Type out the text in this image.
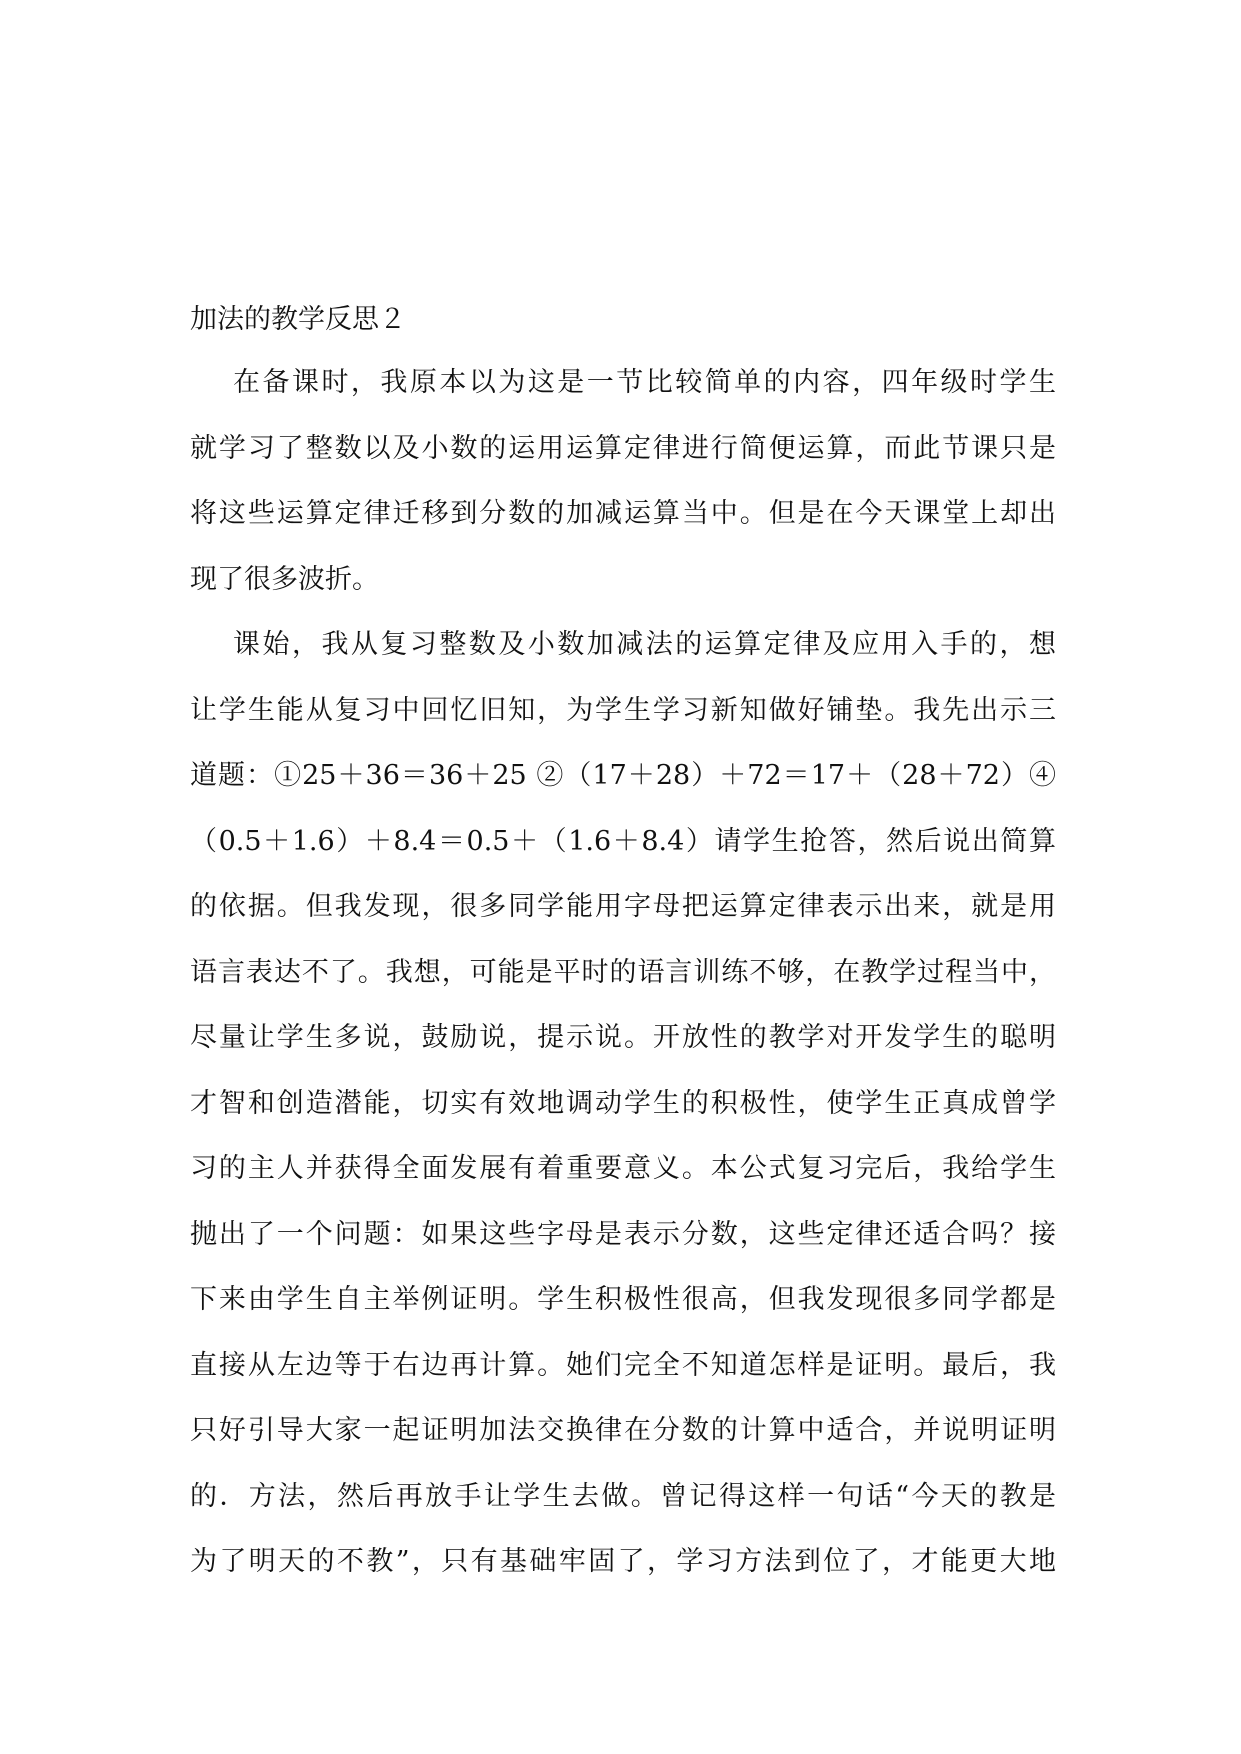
加法的教学反思２

在备课时，我原本以为这是一节比较简单的内容，四年级时学生
就学习了整数以及小数的运用运算定律进行简便运算，而此节课只是
将这些运算定律迁移到分数的加减运算当中。但是在今天课堂上却出
现了很多波折。

课始，我从复习整数及小数加减法的运算定律及应用入手的，想
让学生能从复习中回忆旧知，为学生学习新知做好铺垫。我先出示三
道题：①25＋36＝36＋25 ②（17＋28）＋72＝17＋（28＋72）④
（0.5＋1.6）＋8.4＝0.5＋（1.6＋8.4）请学生抢答，然后说出简算
的依据。但我发现，很多同学能用字母把运算定律表示出来，就是用
语言表达不了。我想，可能是平时的语言训练不够，在教学过程当中，
尽量让学生多说，鼓励说，提示说。开放性的教学对开发学生的聪明
才智和创造潜能，切实有效地调动学生的积极性，使学生正真成曾学
习的主人并获得全面发展有着重要意义。本公式复习完后，我给学生
抛出了一个问题：如果这些字母是表示分数，这些定律还适合吗？接
下来由学生自主举例证明。学生积极性很高，但我发现很多同学都是
直接从左边等于右边再计算。她们完全不知道怎样是证明。最后，我
只好引导大家一起证明加法交换律在分数的计算中适合，并说明证明
的．方法，然后再放手让学生去做。曾记得这样一句话“今天的教是
为了明天的不教”，只有基础牢固了，学习方法到位了，才能更大地
